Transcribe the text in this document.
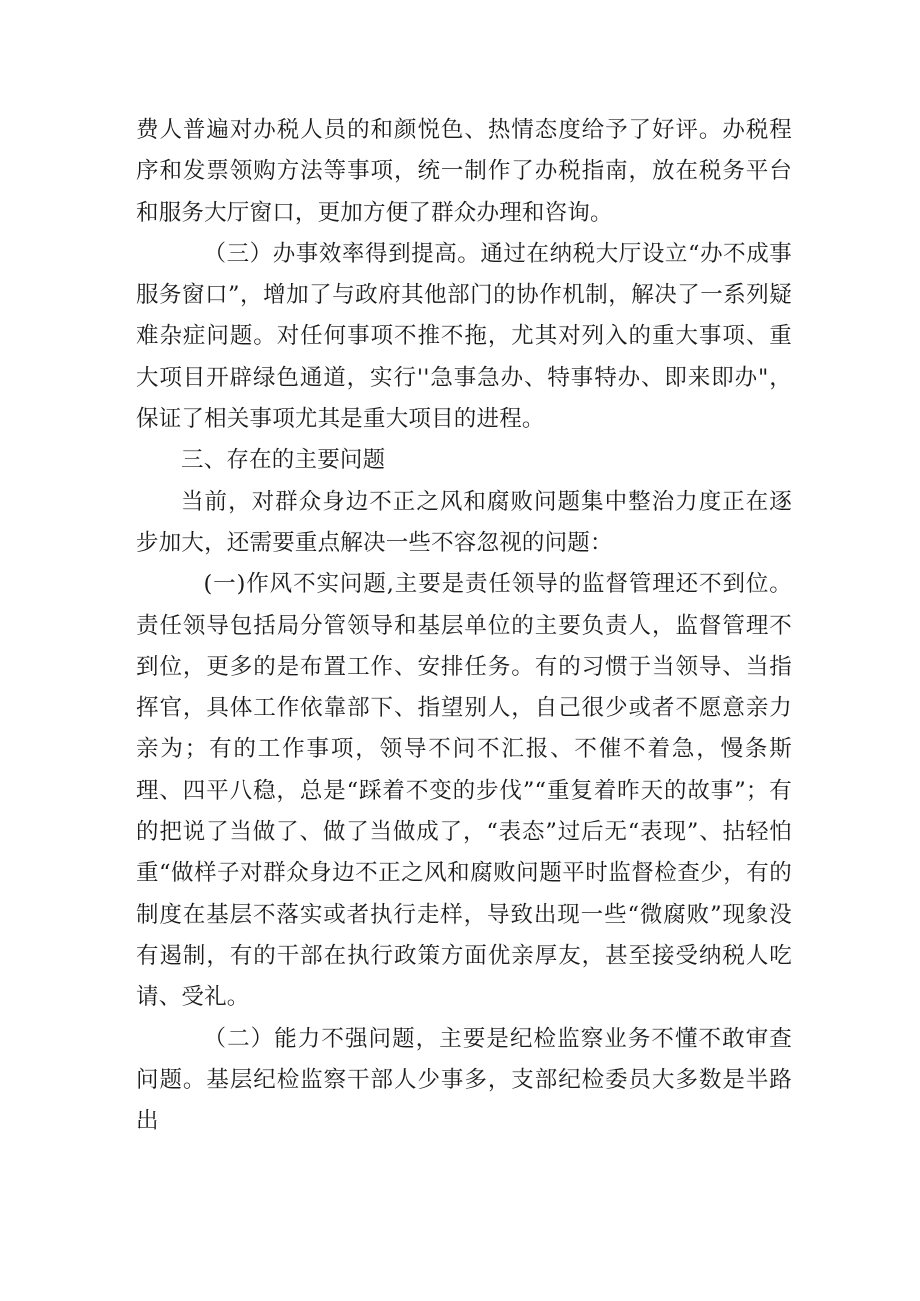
费人普遍对办税人员的和颜悦色、热情态度给予了好评。办税程序和发票领购方法等事项，统一制作了办税指南，放在税务平台和服务大厅窗口，更加方便了群众办理和咨询。

（三）办事效率得到提高。通过在纳税大厅设立“办不成事服务窗口”，增加了与政府其他部门的协作机制，解决了一系列疑难杂症问题。对任何事项不推不拖，尤其对列入的重大事项、重大项目开辟绿色通道，实行''急事急办、特事特办、即来即办"，保证了相关事项尤其是重大项目的进程。

三、存在的主要问题

当前，对群众身边不正之风和腐败问题集中整治力度正在逐步加大，还需要重点解决一些不容忽视的问题：

(一)作风不实问题,主要是责任领导的监督管理还不到位。责任领导包括局分管领导和基层单位的主要负责人，监督管理不到位，更多的是布置工作、安排任务。有的习惯于当领导、当指挥官，具体工作依靠部下、指望别人，自己很少或者不愿意亲力亲为；有的工作事项，领导不问不汇报、不催不着急，慢条斯理、四平八稳，总是“踩着不变的步伐”“重复着昨天的故事”；有的把说了当做了、做了当做成了，“表态”过后无“表现”、拈轻怕重“做样子对群众身边不正之风和腐败问题平时监督检查少，有的制度在基层不落实或者执行走样，导致出现一些“微腐败”现象没有遏制，有的干部在执行政策方面优亲厚友，甚至接受纳税人吃请、受礼。

（二）能力不强问题，主要是纪检监察业务不懂不敢审查问题。基层纪检监察干部人少事多，支部纪检委员大多数是半路出
